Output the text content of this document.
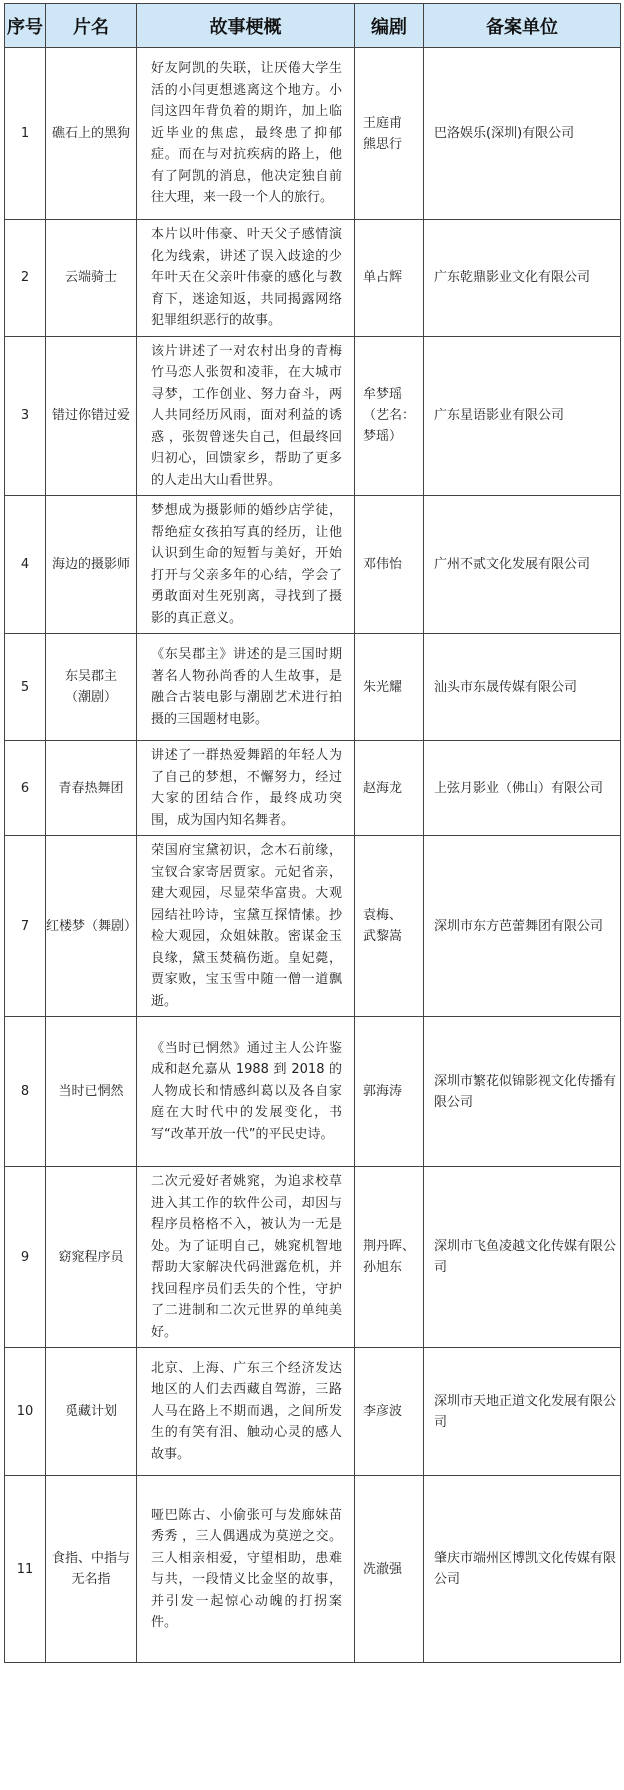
序号	片名	故事梗概	编剧	备案单位
1	礁石上的黑狗	好友阿凯的失联，让厌倦大学生活的小闫更想逃离这个地方。小闫这四年背负着的期许，加上临近毕业的焦虑，最终患了抑郁症。而在与对抗疾病的路上，他有了阿凯的消息，他决定独自前往大理，来一段一个人的旅行。	王庭甫
熊思行	巴洛娱乐(深圳)有限公司
2	云端骑士	本片以叶伟豪、叶天父子感情演化为线索，讲述了误入歧途的少年叶天在父亲叶伟豪的感化与教育下，迷途知返，共同揭露网络犯罪组织恶行的故事。	单占辉	广东乾鼎影业文化有限公司
3	错过你错过爱	该片讲述了一对农村出身的青梅竹马恋人张贺和凌菲，在大城市寻梦，工作创业、努力奋斗，两人共同经历风雨，面对利益的诱惑 ，张贺曾迷失自己，但最终回归初心，回馈家乡，帮助了更多的人走出大山看世界。	牟梦瑶
（艺名：
梦瑶）	广东星语影业有限公司
4	海边的摄影师	梦想成为摄影师的婚纱店学徒，帮绝症女孩拍写真的经历，让他认识到生命的短暂与美好，开始打开与父亲多年的心结，学会了勇敢面对生死别离，寻找到了摄影的真正意义。	邓伟怡	广州不贰文化发展有限公司
5	东吴郡主
（潮剧）	《东吴郡主》讲述的是三国时期著名人物孙尚香的人生故事，是融合古装电影与潮剧艺术进行拍摄的三国题材电影。	朱光耀	汕头市东晟传媒有限公司
6	青春热舞团	讲述了一群热爱舞蹈的年轻人为了自己的梦想，不懈努力，经过大家的团结合作，最终成功突围，成为国内知名舞者。	赵海龙	上弦月影业（佛山）有限公司
7	红楼梦（舞剧）	荣国府宝黛初识，念木石前缘，宝钗合家寄居贾家。元妃省亲，建大观园，尽显荣华富贵。大观园结社吟诗，宝黛互探情愫。抄检大观园，众姐妹散。密谋金玉良缘，黛玉焚稿伤逝。皇妃薨，贾家败，宝玉雪中随一僧一道飘逝。	袁梅、
武黎嵩	深圳市东方芭蕾舞团有限公司
8	当时已惘然	《当时已惘然》通过主人公许鉴成和赵允嘉从 1988 到 2018 的人物成长和情感纠葛以及各自家庭在大时代中的发展变化，书写“改革开放一代”的平民史诗。	郭海涛	深圳市繁花似锦影视文化传播有限公司
9	窈窕程序员	二次元爱好者姚窕，为追求校草进入其工作的软件公司，却因与程序员格格不入，被认为一无是处。为了证明自己，姚窕机智地帮助大家解决代码泄露危机，并找回程序员们丢失的个性，守护了二进制和二次元世界的单纯美好。	荆丹晖、
孙旭东	深圳市飞鱼凌越文化传媒有限公司
10	觅藏计划	北京、上海、广东三个经济发达地区的人们去西藏自驾游，三路人马在路上不期而遇，之间所发生的有笑有泪、触动心灵的感人故事。	李彦波	深圳市天地正道文化发展有限公司
11	食指、中指与
无名指	哑巴陈古、小偷张可与发廊妹苗秀秀 ，三人偶遇成为莫逆之交。三人相亲相爱，守望相助，患难与共，一段情义比金坚的故事，并引发一起惊心动魄的打拐案件。	冼澈强	肇庆市端州区博凯文化传媒有限公司
